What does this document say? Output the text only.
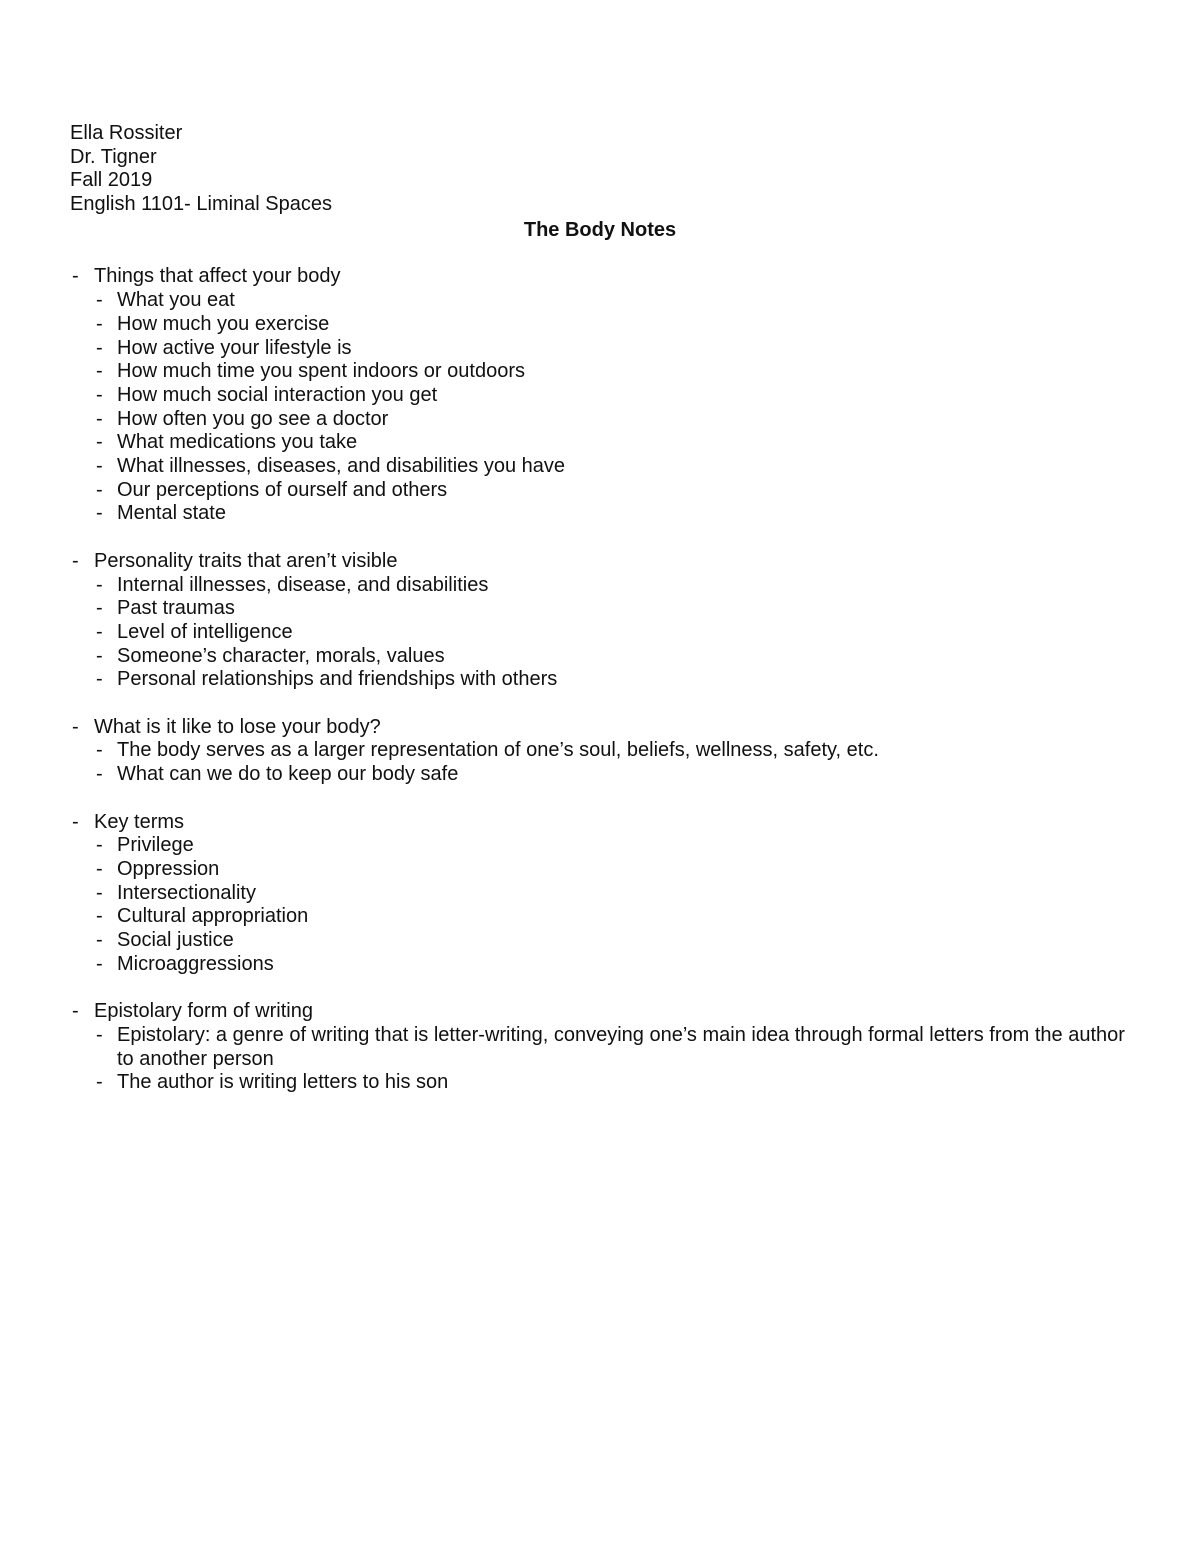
Ella Rossiter
Dr. Tigner
Fall 2019
English 1101- Liminal Spaces
The Body Notes
- Things that affect your body
- What you eat
- How much you exercise
- How active your lifestyle is
- How much time you spent indoors or outdoors
- How much social interaction you get
- How often you go see a doctor
- What medications you take
- What illnesses, diseases, and disabilities you have
- Our perceptions of ourself and others
- Mental state
- Personality traits that aren’t visible
- Internal illnesses, disease, and disabilities
- Past traumas
- Level of intelligence
- Someone’s character, morals, values
- Personal relationships and friendships with others
- What is it like to lose your body?
- The body serves as a larger representation of one’s soul, beliefs, wellness, safety, etc.
- What can we do to keep our body safe
- Key terms
- Privilege
- Oppression
- Intersectionality
- Cultural appropriation
- Social justice
- Microaggressions
- Epistolary form of writing
- Epistolary: a genre of writing that is letter-writing, conveying one’s main idea through formal letters from the author to another person
- The author is writing letters to his son
